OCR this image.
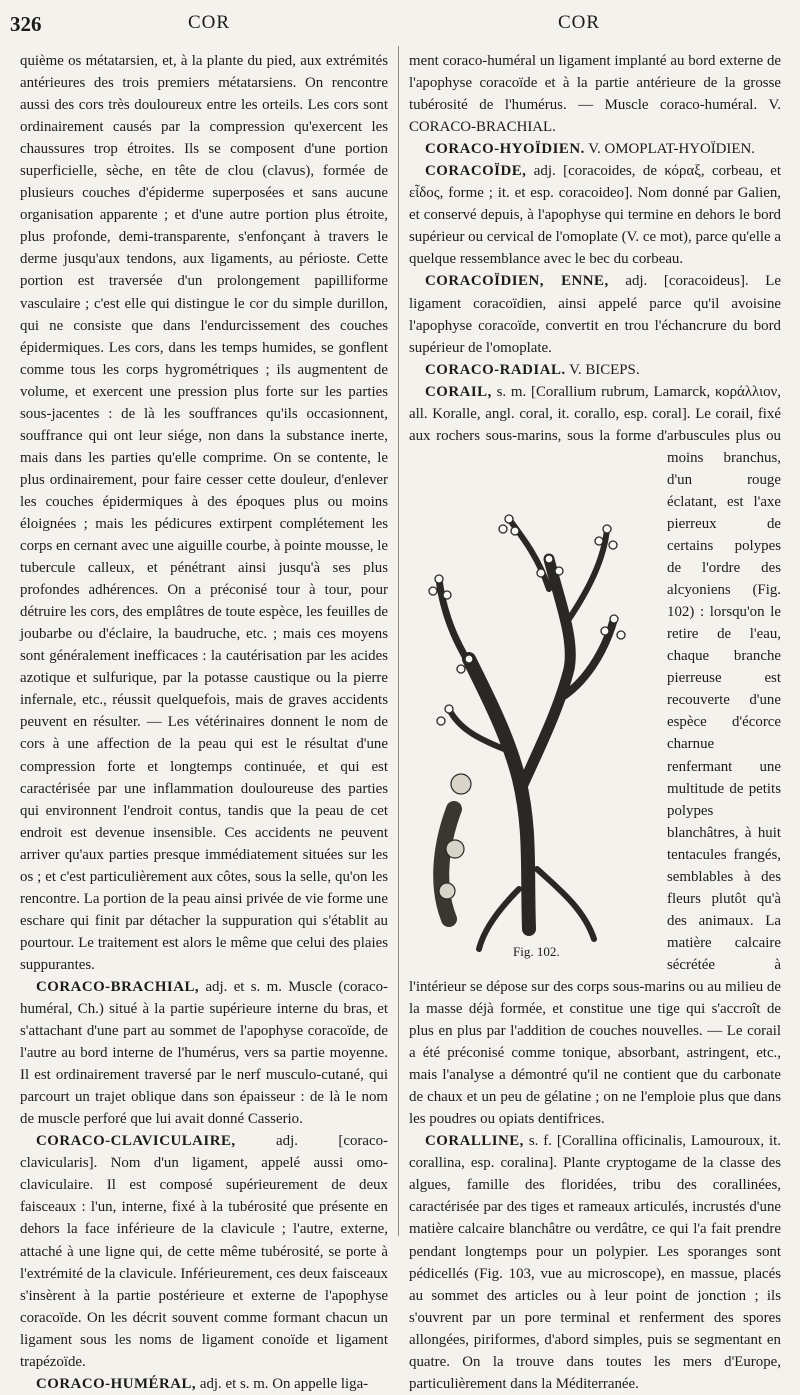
326	COR	COR

quième os métatarsien, et, à la plante du pied, aux extrémités antérieures des trois premiers métatarsiens. On rencontre aussi des cors très douloureux entre les orteils. Les cors sont ordinairement causés par la compression qu'exercent les chaussures trop étroites. Ils se composent d'une portion superficielle, sèche, en tête de clou (clavus), formée de plusieurs couches d'épiderme superposées et sans aucune organisation apparente ; et d'une autre portion plus étroite, plus profonde, demi-transparente, s'enfonçant à travers le derme jusqu'aux tendons, aux ligaments, au périoste. Cette portion est traversée d'un prolongement papilliforme vasculaire ; c'est elle qui distingue le cor du simple durillon, qui ne consiste que dans l'endurcissement des couches épidermiques. Les cors, dans les temps humides, se gonflent comme tous les corps hygrométriques ; ils augmentent de volume, et exercent une pression plus forte sur les parties sous-jacentes : de là les souffrances qu'ils occasionnent, souffrance qui ont leur siége, non dans la substance inerte, mais dans les parties qu'elle comprime. On se contente, le plus ordinairement, pour faire cesser cette douleur, d'enlever les couches épidermiques à des époques plus ou moins éloignées ; mais les pédicures extirpent complétement les corps en cernant avec une aiguille courbe, à pointe mousse, le tubercule calleux, et pénétrant ainsi jusqu'à ses plus profondes adhérences. On a préconisé tour à tour, pour détruire les cors, des emplâtres de toute espèce, les feuilles de joubarbe ou d'éclaire, la baudruche, etc. ; mais ces moyens sont généralement inefficaces : la cautérisation par les acides azotique et sulfurique, par la potasse caustique ou la pierre infernale, etc., réussit quelquefois, mais de graves accidents peuvent en résulter. — Les vétérinaires donnent le nom de cors à une affection de la peau qui est le résultat d'une compression forte et longtemps continuée, et qui est caractérisée par une inflammation douloureuse des parties qui environnent l'endroit contus, tandis que la peau de cet endroit est devenue insensible. Ces accidents ne peuvent arriver qu'aux parties presque immédiatement situées sur les os ; et c'est particulièrement aux côtes, sous la selle, qu'on les rencontre. La portion de la peau ainsi privée de vie forme une eschare qui finit par détacher la suppuration qui s'établit au pourtour. Le traitement est alors le même que celui des plaies suppurantes.

CORACO-BRACHIAL, adj. et s. m. Muscle (coraco-huméral, Ch.) situé à la partie supérieure interne du bras, et s'attachant d'une part au sommet de l'apophyse coracoïde, de l'autre au bord interne de l'humérus, vers sa partie moyenne. Il est ordinairement traversé par le nerf musculo-cutané, qui parcourt un trajet oblique dans son épaisseur : de là le nom de muscle perforé que lui avait donné Casserio.

CORACO-CLAVICULAIRE, adj. [coraco-clavicularis]. Nom d'un ligament, appelé aussi omo-claviculaire. Il est composé supérieurement de deux faisceaux : l'un, interne, fixé à la tubérosité que présente en dehors la face inférieure de la clavicule ; l'autre, externe, attaché à une ligne qui, de cette même tubérosité, se porte à l'extrémité de la clavicule. Inférieurement, ces deux faisceaux s'insèrent à la partie postérieure et externe de l'apophyse coracoïde. On les décrit souvent comme formant chacun un ligament sous les noms de ligament conoïde et ligament trapézoïde.

CORACO-HUMÉRAL, adj. et s. m. On appelle liga-

ment coraco-huméral un ligament implanté au bord externe de l'apophyse coracoïde et à la partie antérieure de la grosse tubérosité de l'humérus. — Muscle coraco-huméral. V. CORACO-BRACHIAL.

CORACO-HYOÏDIEN. V. OMOPLAT-HYOÏDIEN.

CORACOÏDE, adj. [coracoides, de κόραξ, corbeau, et εἶδος, forme ; it. et esp. coracoideo]. Nom donné par Galien, et conservé depuis, à l'apophyse qui termine en dehors le bord supérieur ou cervical de l'omoplate (V. ce mot), parce qu'elle a quelque ressemblance avec le bec du corbeau.

CORACOÏDIEN, ENNE, adj. [coracoideus]. Le ligament coracoïdien, ainsi appelé parce qu'il avoisine l'apophyse coracoïde, convertit en trou l'échancrure du bord supérieur de l'omoplate.

CORACO-RADIAL. V. BICEPS.

CORAIL, s. m. [Corallium rubrum, Lamarck, κοράλλιον, all. Koralle, angl. coral, it. corallo, esp. coral]. Le corail, fixé aux rochers sous-marins,
Fig. 102.
sous la forme d'arbuscules plus ou moins branchus, d'un rouge éclatant, est l'axe pierreux de certains polypes de l'ordre des alcyoniens (Fig. 102) : lorsqu'on le retire de l'eau, chaque branche pierreuse est recouverte d'une espèce d'écorce charnue renfermant une multitude de petits polypes blanchâtres, à huit tentacules frangés, semblables à des fleurs plutôt qu'à des animaux. La matière calcaire sécrétée à l'intérieur se dépose sur des corps sous-marins ou au milieu de la masse déjà formée, et constitue une tige qui s'accroît de plus en plus par l'addition de couches nouvelles. — Le corail a été préconisé comme tonique, absorbant, astringent, etc., mais l'analyse a démontré qu'il ne contient que du carbonate de chaux et un peu de gélatine ; on ne l'emploie plus que dans les poudres ou opiats dentifrices.

CORALLINE, s. f. [Corallina officinalis, Lamouroux, it. corallina, esp. coralina]. Plante cryptogame de la classe des algues, famille des floridées, tribu des corallinées, caractérisée par des tiges et rameaux articulés, incrustés d'une matière calcaire blanchâtre ou verdâtre, ce qui l'a fait prendre pendant longtemps pour un polypier. Les sporanges sont pédicellés (Fig. 103, vue au microscope), en massue, placés au sommet des articles ou à leur point de jonction ; ils s'ouvrent par un pore terminal et renferment des spores allongées, piriformes, d'abord simples, puis se segmentant en quatre. On la trouve dans toutes les mers d'Europe, particulièrement dans la Méditerranée.
